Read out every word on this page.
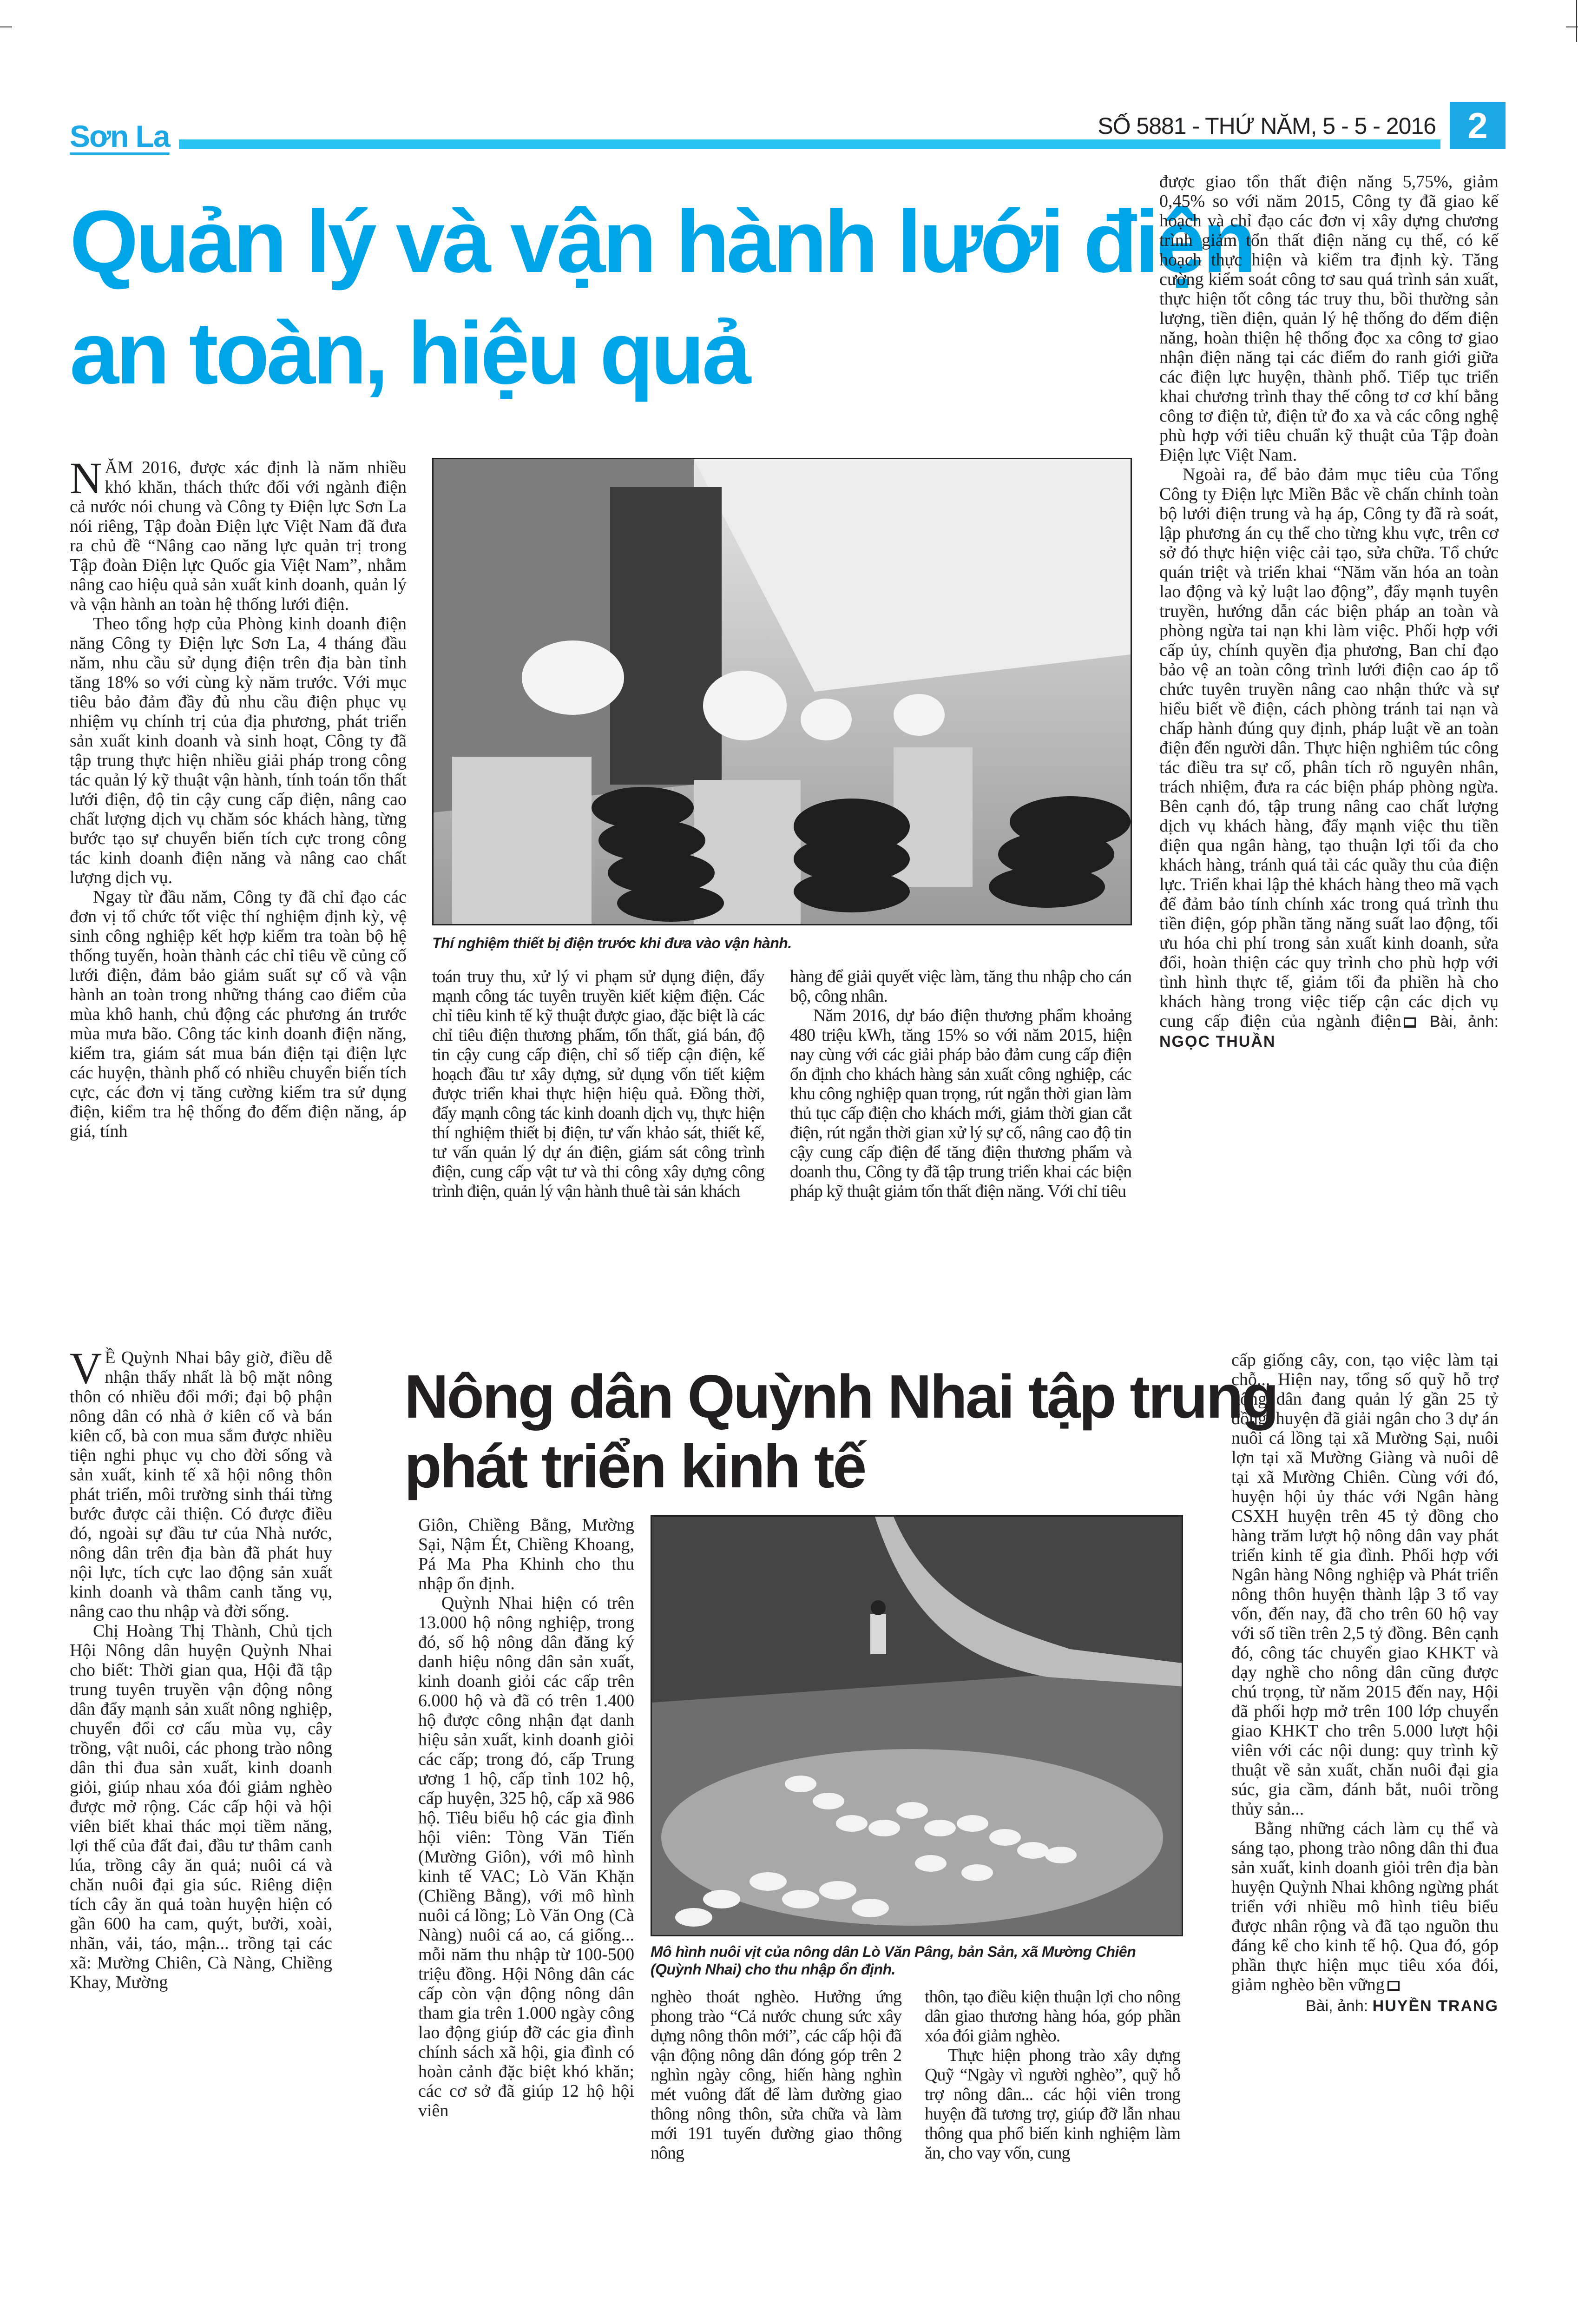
Sơn La	SỐ 5881 - THỨ NĂM, 5 - 5 - 2016 2
Quản lý và vận hành lưới điện
an toàn, hiệu quả

NĂM 2016, được xác định là năm nhiều khó khăn, thách thức đối với ngành điện cả nước nói chung và Công ty Điện lực Sơn La nói riêng, Tập đoàn Điện lực Việt Nam đã đưa ra chủ đề “Nâng cao năng lực quản trị trong Tập đoàn Điện lực Quốc gia Việt Nam”, nhằm nâng cao hiệu quả sản xuất kinh doanh, quản lý và vận hành an toàn hệ thống lưới điện.

Theo tổng hợp của Phòng kinh doanh điện năng Công ty Điện lực Sơn La, 4 tháng đầu năm, nhu cầu sử dụng điện trên địa bàn tỉnh tăng 18% so với cùng kỳ năm trước. Với mục tiêu bảo đảm đầy đủ nhu cầu điện phục vụ nhiệm vụ chính trị của địa phương, phát triển sản xuất kinh doanh và sinh hoạt, Công ty đã tập trung thực hiện nhiều giải pháp trong công tác quản lý kỹ thuật vận hành, tính toán tổn thất lưới điện, độ tin cậy cung cấp điện, nâng cao chất lượng dịch vụ chăm sóc khách hàng, từng bước tạo sự chuyển biến tích cực trong công tác kinh doanh điện năng và nâng cao chất lượng dịch vụ.

Ngay từ đầu năm, Công ty đã chỉ đạo các đơn vị tổ chức tốt việc thí nghiệm định kỳ, vệ sinh công nghiệp kết hợp kiểm tra toàn bộ hệ thống tuyến, hoàn thành các chỉ tiêu về củng cố lưới điện, đảm bảo giảm suất sự cố và vận hành an toàn trong những tháng cao điểm của mùa khô hanh, chủ động các phương án trước mùa mưa bão. Công tác kinh doanh điện năng, kiểm tra, giám sát mua bán điện tại điện lực các huyện, thành phố có nhiều chuyển biến tích cực, các đơn vị tăng cường kiểm tra sử dụng điện, kiểm tra hệ thống đo đếm điện năng, áp giá, tính

Thí nghiệm thiết bị điện trước khi đưa vào vận hành.

toán truy thu, xử lý vi phạm sử dụng điện, đẩy mạnh công tác tuyên truyền kiết kiệm điện. Các chỉ tiêu kinh tế kỹ thuật được giao, đặc biệt là các chỉ tiêu điện thương phẩm, tổn thất, giá bán, độ tin cậy cung cấp điện, chỉ số tiếp cận điện, kế hoạch đầu tư xây dựng, sử dụng vốn tiết kiệm được triển khai thực hiện hiệu quả. Đồng thời, đẩy mạnh công tác kinh doanh dịch vụ, thực hiện thí nghiệm thiết bị điện, tư vấn khảo sát, thiết kế, tư vấn quản lý dự án điện, giám sát công trình điện, cung cấp vật tư và thi công xây dựng công trình điện, quản lý vận hành thuê tài sản khách

hàng để giải quyết việc làm, tăng thu nhập cho cán bộ, công nhân.

Năm 2016, dự báo điện thương phẩm khoảng 480 triệu kWh, tăng 15% so với năm 2015, hiện nay cùng với các giải pháp bảo đảm cung cấp điện ổn định cho khách hàng sản xuất công nghiệp, các khu công nghiệp quan trọng, rút ngắn thời gian làm thủ tục cấp điện cho khách mới, giảm thời gian cắt điện, rút ngắn thời gian xử lý sự cố, nâng cao độ tin cậy cung cấp điện để tăng điện thương phẩm và doanh thu, Công ty đã tập trung triển khai các biện pháp kỹ thuật giảm tổn thất điện năng. Với chỉ tiêu

được giao tổn thất điện năng 5,75%, giảm 0,45% so với năm 2015, Công ty đã giao kế hoạch và chỉ đạo các đơn vị xây dựng chương trình giảm tổn thất điện năng cụ thể, có kế hoạch thực hiện và kiểm tra định kỳ. Tăng cường kiểm soát công tơ sau quá trình sản xuất, thực hiện tốt công tác truy thu, bồi thường sản lượng, tiền điện, quản lý hệ thống đo đếm điện năng, hoàn thiện hệ thống đọc xa công tơ giao nhận điện năng tại các điểm đo ranh giới giữa các điện lực huyện, thành phố. Tiếp tục triển khai chương trình thay thế công tơ cơ khí bằng công tơ điện tử, điện tử đo xa và các công nghệ phù hợp với tiêu chuẩn kỹ thuật của Tập đoàn Điện lực Việt Nam.

Ngoài ra, để bảo đảm mục tiêu của Tổng Công ty Điện lực Miền Bắc về chấn chỉnh toàn bộ lưới điện trung và hạ áp, Công ty đã rà soát, lập phương án cụ thể cho từng khu vực, trên cơ sở đó thực hiện việc cải tạo, sửa chữa. Tổ chức quán triệt và triển khai “Năm văn hóa an toàn lao động và kỷ luật lao động”, đẩy mạnh tuyên truyền, hướng dẫn các biện pháp an toàn và phòng ngừa tai nạn khi làm việc. Phối hợp với cấp ủy, chính quyền địa phương, Ban chỉ đạo bảo vệ an toàn công trình lưới điện cao áp tổ chức tuyên truyền nâng cao nhận thức và sự hiểu biết về điện, cách phòng tránh tai nạn và chấp hành đúng quy định, pháp luật về an toàn điện đến người dân. Thực hiện nghiêm túc công tác điều tra sự cố, phân tích rõ nguyên nhân, trách nhiệm, đưa ra các biện pháp phòng ngừa. Bên cạnh đó, tập trung nâng cao chất lượng dịch vụ khách hàng, đẩy mạnh việc thu tiền điện qua ngân hàng, tạo thuận lợi tối đa cho khách hàng, tránh quá tải các quầy thu của điện lực. Triển khai lập thẻ khách hàng theo mã vạch để đảm bảo tính chính xác trong quá trình thu tiền điện, góp phần tăng năng suất lao động, tối ưu hóa chi phí trong sản xuất kinh doanh, sửa đổi, hoàn thiện các quy trình cho phù hợp với tình hình thực tế, giảm tối đa phiền hà cho khách hàng trong việc tiếp cận các dịch vụ cung cấp điện của ngành điện Bài, ảnh: NGỌC THUẦN

V Ề Quỳnh Nhai bây giờ, điều dễ nhận thấy nhất là bộ mặt nông thôn có nhiều đổi mới; đại bộ phận nông dân có nhà ở kiên cố và bán kiên cố, bà con mua sắm được nhiều tiện nghi phục vụ cho đời sống và sản xuất, kinh tế xã hội nông thôn phát triển, môi trường sinh thái từng bước được cải thiện. Có được điều đó, ngoài sự đầu tư của Nhà nước, nông dân trên địa bàn đã phát huy nội lực, tích cực lao động sản xuất kinh doanh và thâm canh tăng vụ, nâng cao thu nhập và đời sống.

Chị Hoàng Thị Thành, Chủ tịch Hội Nông dân huyện Quỳnh Nhai cho biết: Thời gian qua, Hội đã tập trung tuyên truyền vận động nông dân đẩy mạnh sản xuất nông nghiệp, chuyển đổi cơ cấu mùa vụ, cây trồng, vật nuôi, các phong trào nông dân thi đua sản xuất, kinh doanh giỏi, giúp nhau xóa đói giảm nghèo được mở rộng. Các cấp hội và hội viên biết khai thác mọi tiềm năng, lợi thế của đất đai, đầu tư thâm canh lúa, trồng cây ăn quả; nuôi cá và chăn nuôi đại gia súc. Riêng diện tích cây ăn quả toàn huyện hiện có gần 600 ha cam, quýt, bưởi, xoài, nhãn, vải, táo, mận... trồng tại các xã: Mường Chiên, Cà Nàng, Chiềng Khay, Mường

Nông dân Quỳnh Nhai tập trung
phát triển kinh tế

Giôn, Chiềng Bằng, Mường Sại, Nậm Ét, Chiềng Khoang, Pá Ma Pha Khinh cho thu nhập ổn định.

Quỳnh Nhai hiện có trên 13.000 hộ nông nghiệp, trong đó, số hộ nông dân đăng ký danh hiệu nông dân sản xuất, kinh doanh giỏi các cấp trên 6.000 hộ và đã có trên 1.400 hộ được công nhận đạt danh hiệu sản xuất, kinh doanh giỏi các cấp; trong đó, cấp Trung ương 1 hộ, cấp tỉnh 102 hộ, cấp huyện, 325 hộ, cấp xã 986 hộ. Tiêu biểu hộ các gia đình hội viên: Tòng Văn Tiến (Mường Giôn), với mô hình kinh tế VAC; Lò Văn Khặn (Chiềng Bằng), với mô hình nuôi cá lồng; Lò Văn Ong (Cà Nàng) nuôi cá ao, cá giống... mỗi năm thu nhập từ 100-500 triệu đồng. Hội Nông dân các cấp còn vận động nông dân tham gia trên 1.000 ngày công lao động giúp đỡ các gia đình chính sách xã hội, gia đình có hoàn cảnh đặc biệt khó khăn; các cơ sở đã giúp 12 hộ hội viên

Mô hình nuôi vịt của nông dân Lò Văn Pâng, bản Sản, xã Mường Chiên (Quỳnh Nhai) cho thu nhập ổn định.

nghèo thoát nghèo. Hưởng ứng phong trào “Cả nước chung sức xây dựng nông thôn mới”, các cấp hội đã vận động nông dân đóng góp trên 2 nghìn ngày công, hiến hàng nghìn mét vuông đất để làm đường giao thông nông thôn, sửa chữa và làm mới 191 tuyến đường giao thông nông

thôn, tạo điều kiện thuận lợi cho nông dân giao thương hàng hóa, góp phần xóa đói giảm nghèo.

Thực hiện phong trào xây dựng Quỹ “Ngày vì người nghèo”, quỹ hỗ trợ nông dân... các hội viên trong huyện đã tương trợ, giúp đỡ lẫn nhau thông qua phổ biến kinh nghiệm làm ăn, cho vay vốn, cung

cấp giống cây, con, tạo việc làm tại chỗ... Hiện nay, tổng số quỹ hỗ trợ nông dân đang quản lý gần 25 tỷ đồng, huyện đã giải ngân cho 3 dự án nuôi cá lồng tại xã Mường Sại, nuôi lợn tại xã Mường Giàng và nuôi dê tại xã Mường Chiên. Cùng với đó, huyện hội ủy thác với Ngân hàng CSXH huyện trên 45 tỷ đồng cho hàng trăm lượt hộ nông dân vay phát triển kinh tế gia đình. Phối hợp với Ngân hàng Nông nghiệp và Phát triển nông thôn huyện thành lập 3 tổ vay vốn, đến nay, đã cho trên 60 hộ vay với số tiền trên 2,5 tỷ đồng. Bên cạnh đó, công tác chuyển giao KHKT và dạy nghề cho nông dân cũng được chú trọng, từ năm 2015 đến nay, Hội đã phối hợp mở trên 100 lớp chuyển giao KHKT cho trên 5.000 lượt hội viên với các nội dung: quy trình kỹ thuật về sản xuất, chăn nuôi đại gia súc, gia cầm, đánh bắt, nuôi trồng thủy sản...

Bằng những cách làm cụ thể và sáng tạo, phong trào nông dân thi đua sản xuất, kinh doanh giỏi trên địa bàn huyện Quỳnh Nhai không ngừng phát triển với nhiều mô hình tiêu biểu được nhân rộng và đã tạo nguồn thu đáng kể cho kinh tế hộ. Qua đó, góp phần thực hiện mục tiêu xóa đói, giảm nghèo bền vững

Bài, ảnh: HUYỀN TRANG
